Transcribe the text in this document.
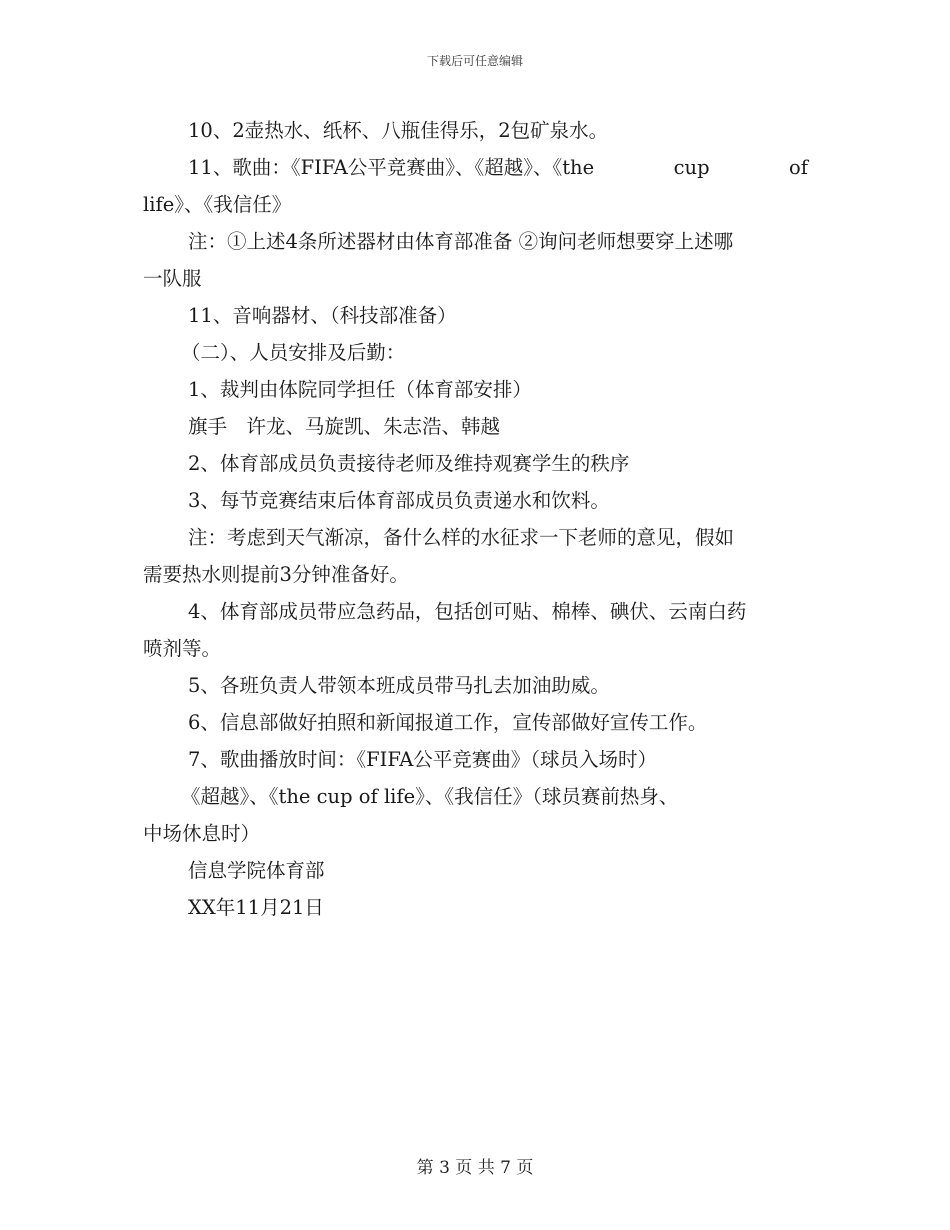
下载后可任意编辑
10、2壶热水、纸杯、八瓶佳得乐，2包矿泉水。
11、歌曲：《FIFA公平竞赛曲》、《超越》、《the	cup	of
life》、《我信任》
注：①上述4条所述器材由体育部准备 ②询问老师想要穿上述哪
一队服
11、音响器材、（科技部准备）
（二）、人员安排及后勤：
1、裁判由体院同学担任（体育部安排）
旗手　许龙、马旋凯、朱志浩、韩越
2、体育部成员负责接待老师及维持观赛学生的秩序
3、每节竞赛结束后体育部成员负责递水和饮料。
注：考虑到天气渐凉，备什么样的水征求一下老师的意见，假如
需要热水则提前3分钟准备好。
4、体育部成员带应急药品，包括创可贴、棉棒、碘伏、云南白药
喷剂等。
5、各班负责人带领本班成员带马扎去加油助威。
6、信息部做好拍照和新闻报道工作，宣传部做好宣传工作。
7、歌曲播放时间：《FIFA公平竞赛曲》（球员入场时）
《超越》、《the cup of life》、《我信任》（球员赛前热身、
中场休息时）
信息学院体育部
XX年11月21日
第 3 页 共 7 页
